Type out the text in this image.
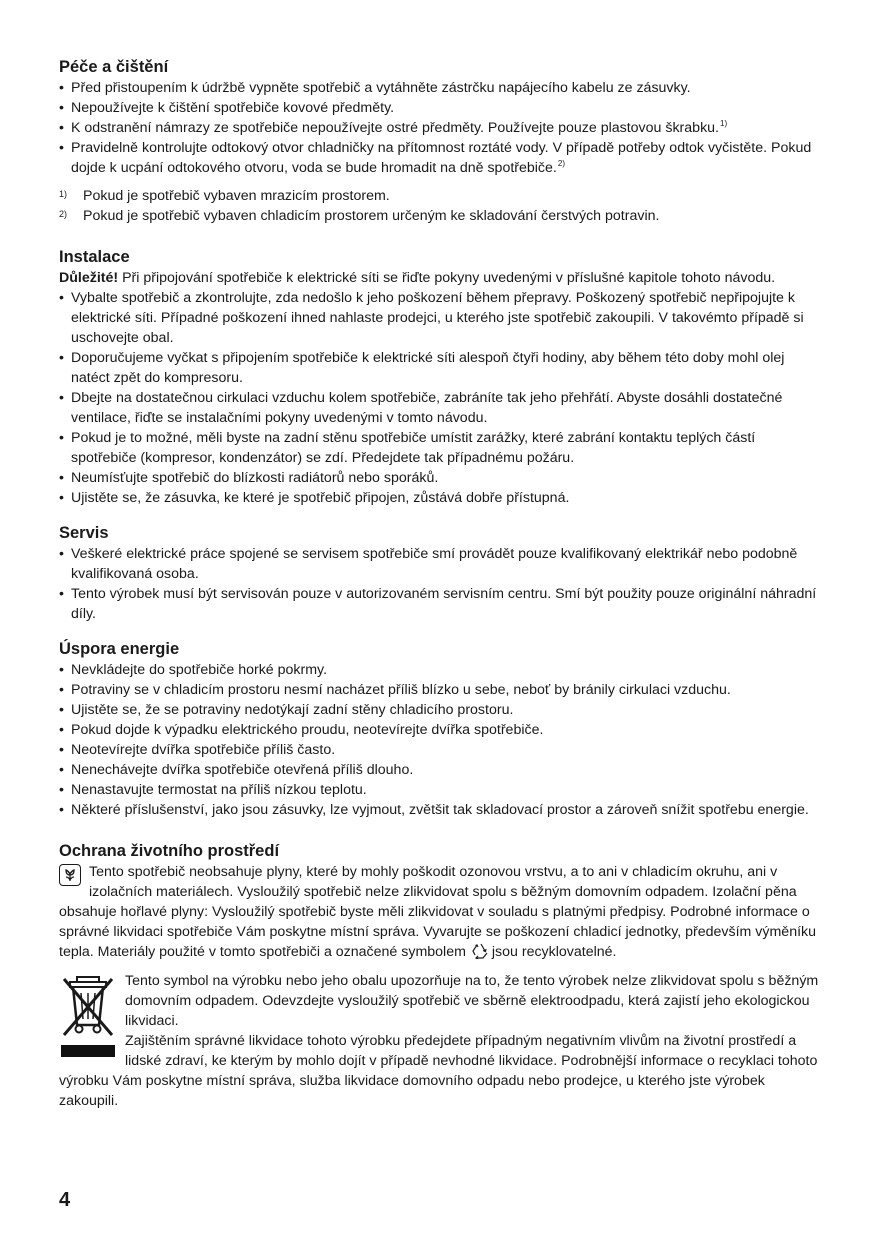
Péče a čištění
• Před přistoupením k údržbě vypněte spotřebič a vytáhněte zástrčku napájecího kabelu ze zásuvky.
• Nepoužívejte k čištění spotřebiče kovové předměty.
• K odstranění námrazy ze spotřebiče nepoužívejte ostré předměty. Používejte pouze plastovou škrabku.$^{1)}$
• Pravidelně kontrolujte odtokový otvor chladničky na přítomnost roztáté vody. V případě potřeby odtok vyčistěte. Pokud dojde k ucpání odtokového otvoru, voda se bude hromadit na dně spotřebiče.$^{2)}$
1)	Pokud je spotřebič vybaven mrazicím prostorem.
2)	Pokud je spotřebič vybaven chladicím prostorem určeným ke skladování čerstvých potravin.
Instalace

Důležité! Při připojování spotřebiče k elektrické síti se řiďte pokyny uvedenými v příslušné kapitole tohoto návodu.

• Vybalte spotřebič a zkontrolujte, zda nedošlo k jeho poškození během přepravy. Poškozený spotřebič nepřipojujte k elektrické síti. Případné poškození ihned nahlaste prodejci, u kterého jste spotřebič zakoupili. V takovémto případě si uschovejte obal.
• Doporučujeme vyčkat s připojením spotřebiče k elektrické síti alespoň čtyři hodiny, aby během této doby mohl olej natéct zpět do kompresoru.
• Dbejte na dostatečnou cirkulaci vzduchu kolem spotřebiče, zabráníte tak jeho přehřátí. Abyste dosáhli dostatečné ventilace, řiďte se instalačními pokyny uvedenými v tomto návodu.
• Pokud je to možné, měli byste na zadní stěnu spotřebiče umístit zarážky, které zabrání kontaktu teplých částí spotřebiče (kompresor, kondenzátor) se zdí. Předejdete tak případnému požáru.
• Neumísťujte spotřebič do blízkosti radiátorů nebo sporáků.
• Ujistěte se, že zásuvka, ke které je spotřebič připojen, zůstává dobře přístupná.
Servis
• Veškeré elektrické práce spojené se servisem spotřebiče smí provádět pouze kvalifikovaný elektrikář nebo podobně kvalifikovaná osoba.
• Tento výrobek musí být servisován pouze v autorizovaném servisním centru. Smí být použity pouze originální náhradní díly.
Úspora energie
• Nevkládejte do spotřebiče horké pokrmy.
• Potraviny se v chladicím prostoru nesmí nacházet příliš blízko u sebe, neboť by bránily cirkulaci vzduchu.
• Ujistěte se, že se potraviny nedotýkají zadní stěny chladicího prostoru.
• Pokud dojde k výpadku elektrického proudu, neotevírejte dvířka spotřebiče.
• Neotevírejte dvířka spotřebiče příliš často.
• Nenechávejte dvířka spotřebiče otevřená příliš dlouho.
• Nenastavujte termostat na příliš nízkou teplotu.
• Některé příslušenství, jako jsou zásuvky, lze vyjmout, zvětšit tak skladovací prostor a zároveň snížit spotřebu energie.
Ochrana životního prostředí

Tento spotřebič neobsahuje plyny, které by mohly poškodit ozonovou vrstvu, a to ani v chladicím okruhu, ani v izolačních materiálech. Vysloužilý spotřebič nelze zlikvidovat spolu s běžným domovním odpadem. Izolační pěna obsahuje hořlavé plyny: Vysloužilý spotřebič byste měli zlikvidovat v souladu s platnými předpisy. Podrobné informace o správné likvidaci spotřebiče Vám poskytne místní správa. Vyvarujte se poškození chladicí jednotky, především výměníku tepla. Materiály použité v tomto spotřebiči a označené symbolem jsou recyklovatelné.

Tento symbol na výrobku nebo jeho obalu upozorňuje na to, že tento výrobek nelze zlikvidovat spolu s běžným domovním odpadem. Odevzdejte vysloužilý spotřebič ve sběrně elektroodpadu, která zajistí jeho ekologickou likvidaci.

Zajištěním správné likvidace tohoto výrobku předejdete případným negativním vlivům na životní prostředí a lidské zdraví, ke kterým by mohlo dojít v případě nevhodné likvidace. Podrobnější informace o recyklaci tohoto výrobku Vám poskytne místní správa, služba likvidace domovního odpadu nebo prodejce, u kterého jste výrobek zakoupili.

4
